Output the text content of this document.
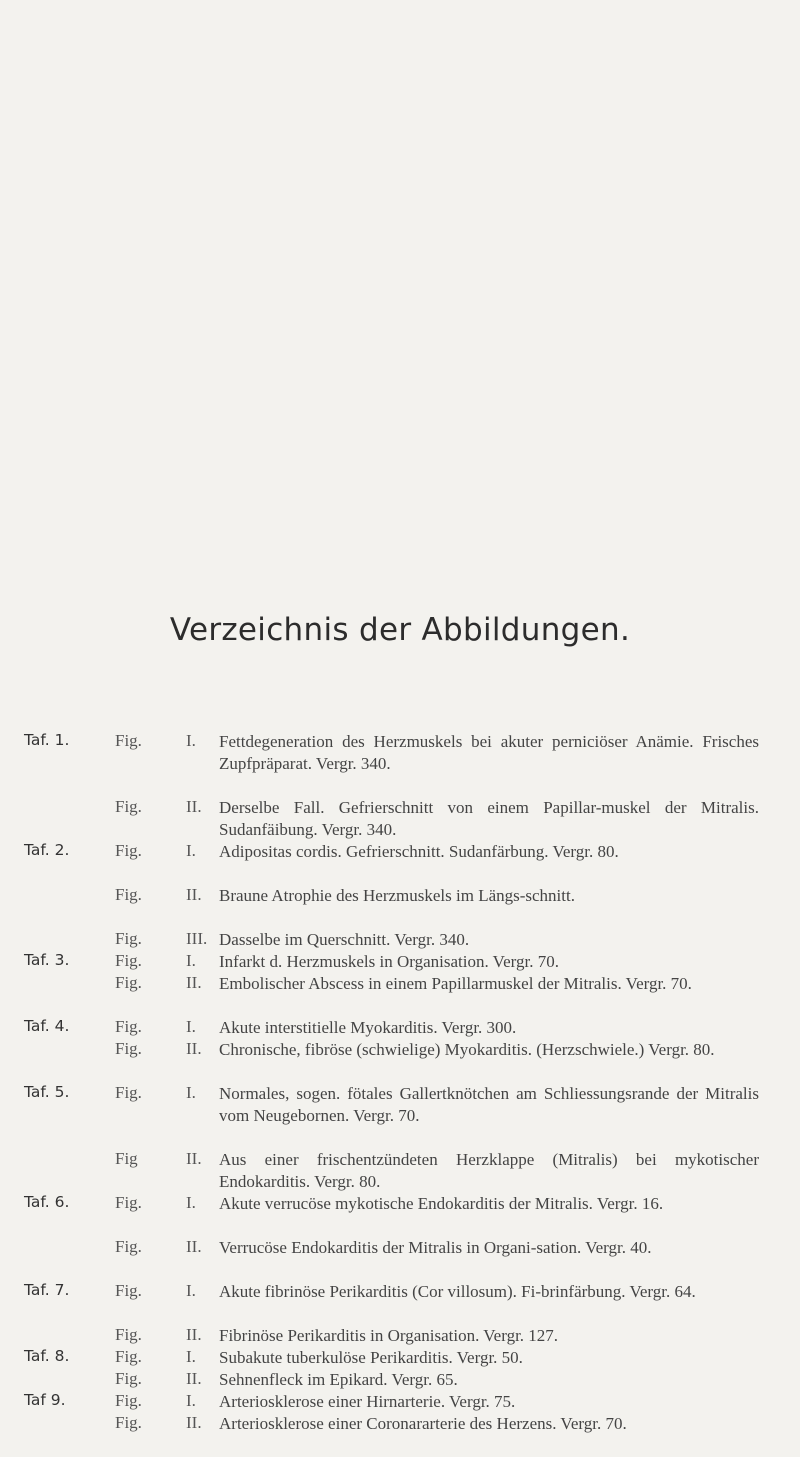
Verzeichnis der Abbildungen.
Taf. 1.	Fig.	I.	Fettdegeneration des Herzmuskels bei akuter perniciöser Anämie. Frisches Zupfpräparat. Vergr. 340.
Fig.	II.	Derselbe Fall. Gefrierschnitt von einem Papillar-muskel der Mitralis. Sudanfäibung. Vergr. 340.
Taf. 2.	Fig.	I.	Adipositas cordis. Gefrierschnitt. Sudanfärbung. Vergr. 80.
Fig.	II.	Braune Atrophie des Herzmuskels im Längs-schnitt.
Fig.	III. Dasselbe im Querschnitt. Vergr. 340.
Taf. 3.	Fig.	I.	Infarkt d. Herzmuskels in Organisation. Vergr. 70.
Fig.	II.	Embolischer Abscess in einem Papillarmuskel der Mitralis. Vergr. 70.
Taf. 4.	Fig.	I.	Akute interstitielle Myokarditis. Vergr. 300.
Fig.	II.	Chronische, fibröse (schwielige) Myokarditis. (Herzschwiele.) Vergr. 80.
Taf. 5.	Fig.	I.	Normales, sogen. fötales Gallertknötchen am Schliessungsrande der Mitralis vom Neugebornen. Vergr. 70.
Fig	II.	Aus einer frischentzündeten Herzklappe (Mitralis) bei mykotischer Endokarditis. Vergr. 80.
Taf. 6.	Fig.	I.	Akute verrucöse mykotische Endokarditis der Mitralis. Vergr. 16.
Fig.	II.	Verrucöse Endokarditis der Mitralis in Organi-sation. Vergr. 40.
Taf. 7.	Fig.	I.	Akute fibrinöse Perikarditis (Cor villosum). Fi-brinfärbung. Vergr. 64.
Fig.	II.	Fibrinöse Perikarditis in Organisation. Vergr. 127.
Taf. 8.	Fig.	I.	Subakute tuberkulöse Perikarditis. Vergr. 50.
Fig.	II.	Sehnenfleck im Epikard. Vergr. 65.
Taf 9.	Fig.	I.	Arteriosklerose einer Hirnarterie. Vergr. 75.
Fig.	II.	Arteriosklerose einer Coronararterie des Herzens. Vergr. 70.
